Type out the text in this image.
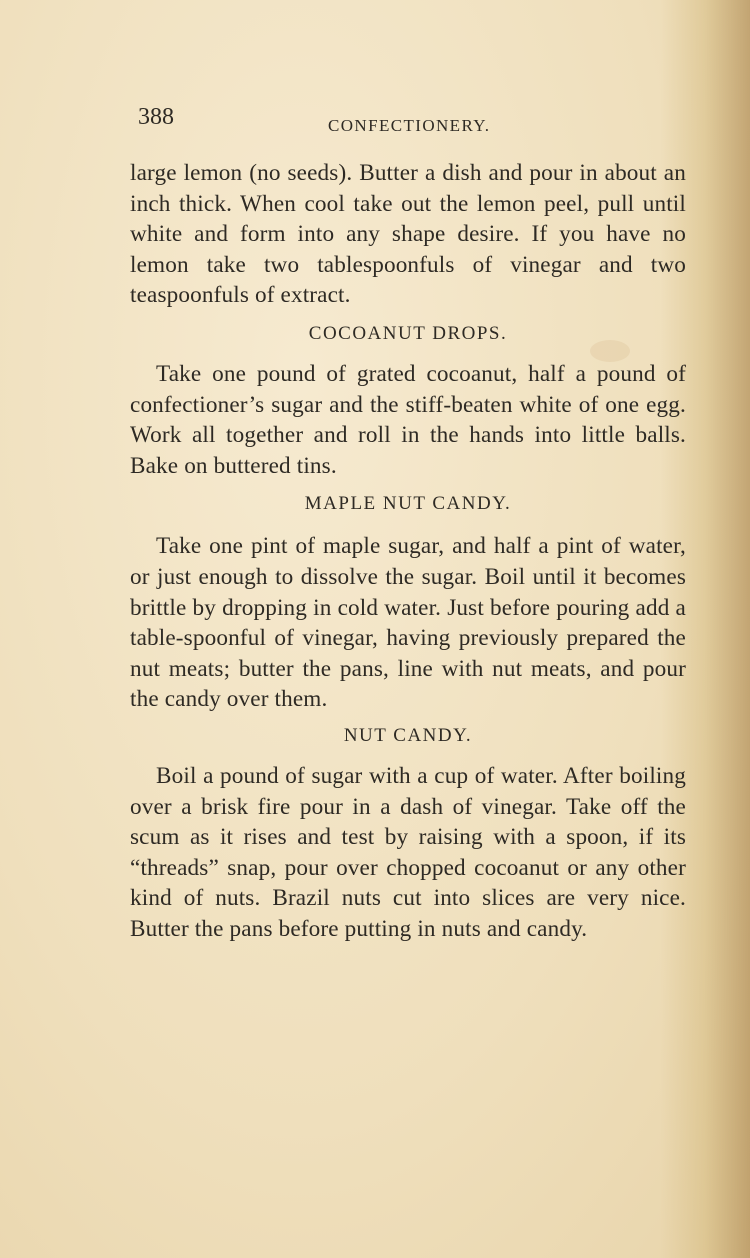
388	CONFECTIONERY.

large lemon (no seeds). Butter a dish and pour in about an inch thick. When cool take out the lemon peel, pull until white and form into any shape desire. If you have no lemon take two tablespoonfuls of vinegar and two teaspoonfuls of extract.

COCOANUT DROPS.

Take one pound of grated cocoanut, half a pound of confectioner’s sugar and the stiff-beaten white of one egg. Work all together and roll in the hands into little balls. Bake on buttered tins.

MAPLE NUT CANDY.

Take one pint of maple sugar, and half a pint of water, or just enough to dissolve the sugar. Boil until it becomes brittle by dropping in cold water. Just before pouring add a table-spoonful of vinegar, having previously prepared the nut meats; butter the pans, line with nut meats, and pour the candy over them.

NUT CANDY.

Boil a pound of sugar with a cup of water. After boiling over a brisk fire pour in a dash of vinegar. Take off the scum as it rises and test by raising with a spoon, if its “threads” snap, pour over chopped cocoanut or any other kind of nuts. Brazil nuts cut into slices are very nice. Butter the pans before putting in nuts and candy.
